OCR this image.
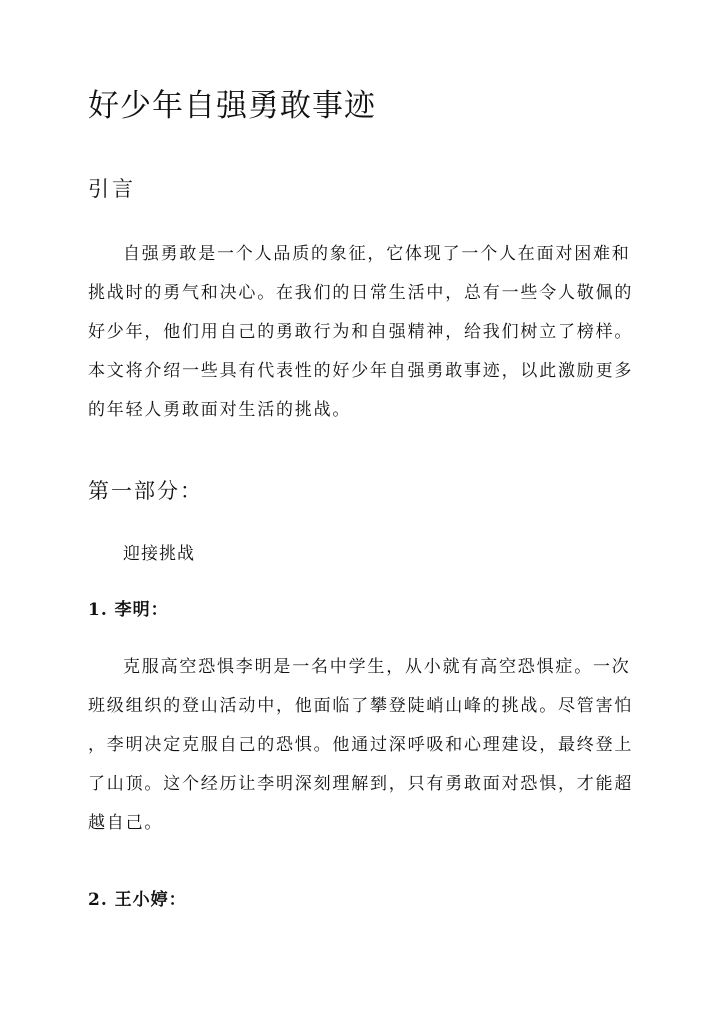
好少年自强勇敢事迹
引言
自强勇敢是一个人品质的象征，它体现了一个人在面对困难和
挑战时的勇气和决心。在我们的日常生活中，总有一些令人敬佩的
好少年，他们用自己的勇敢行为和自强精神，给我们树立了榜样。
本文将介绍一些具有代表性的好少年自强勇敢事迹，以此激励更多
的年轻人勇敢面对生活的挑战。
第一部分：
迎接挑战
1. 李明：
克服高空恐惧李明是一名中学生，从小就有高空恐惧症。一次
班级组织的登山活动中，他面临了攀登陡峭山峰的挑战。尽管害怕
，李明决定克服自己的恐惧。他通过深呼吸和心理建设，最终登上
了山顶。这个经历让李明深刻理解到，只有勇敢面对恐惧，才能超
越自己。
2. 王小婷：
